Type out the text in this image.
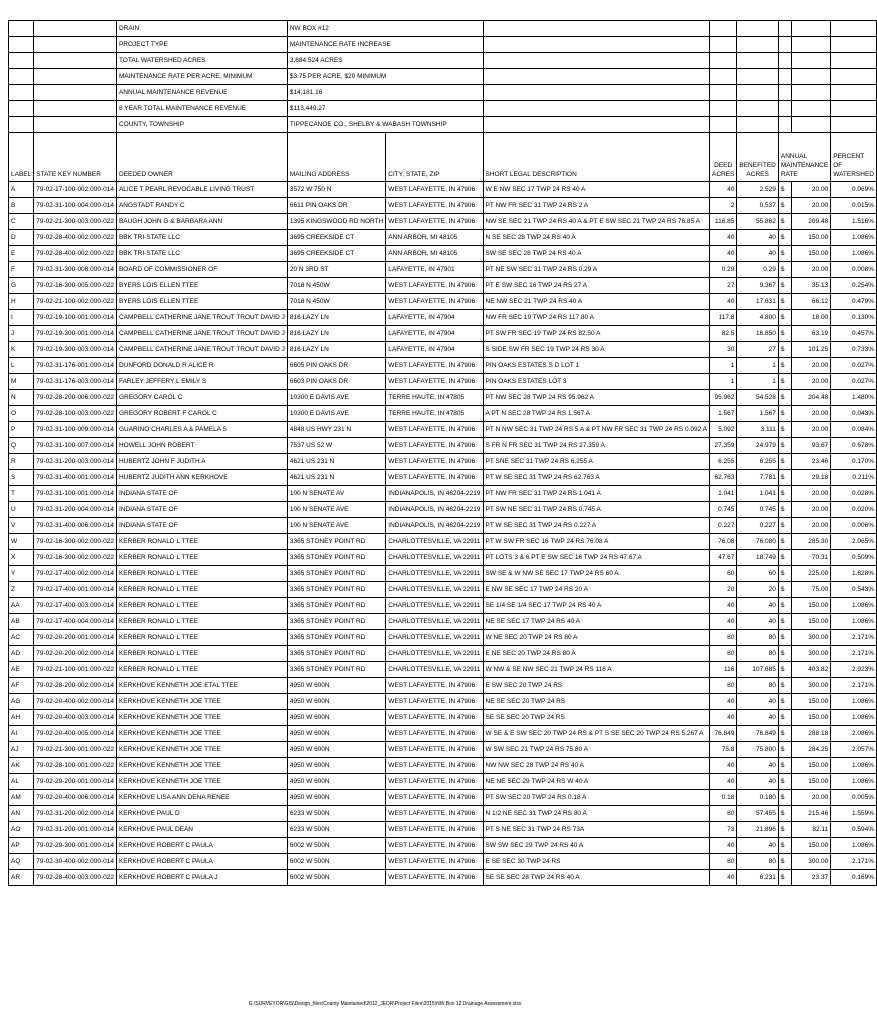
		DRAIN	NW BOX #12							
		PROJECT TYPE	MAINTENANCE RATE INCREASE							
		TOTAL WATERSHED ACRES	3,684.524 ACRES							
		MAINTENANCE RATE PER ACRE, MINIMUM	$3.75 PER ACRE, $20 MINIMUM							
		ANNUAL MAINTENANCE REVENUE	$14,181.16							
		8 YEAR TOTAL MAINTENANCE REVENUE	$113,449.27							
		COUNTY, TOWNSHIP	TIPPECANOE CO., SHELBY & WABASH TOWNSHIP							
LABEL	STATE KEY NUMBER	DEEDED OWNER	MAILING ADDRESS	CITY, STATE, ZIP	SHORT LEGAL DESCRIPTION	DEED ACRES	BENEFITED ACRES	ANNUAL MAINTENANCE RATE		PERCENT OF WATERSHED
A	79-02-17-100-002.000-014	ALICE T PEARL REVOCABLE LIVING TRUST	3572 W 750 N	WEST LAFAYETTE, IN 47906	W E NW SEC 17 TWP 24 RS 40 A	40	2.529	$	20.00	0.069%
B	79-02-31-100-004.000-014	ANGSTADT RANDY C	6611 PIN OAKS DR	WEST LAFAYETTE, IN 47906	PT NW FR SEC 31 TWP 24 RS 2 A	2	0.537	$	20.00	0.015%
C	79-02-21-300-003.000-022	BAUGH JOHN G & BARBARA ANN	1395 KINGSWOOD RD NORTH	WEST LAFAYETTE, IN 47906	NW SE SEC 21 TWP 24 RS 40 A & PT E SW SEC 21 TWP 24 RS 76.85 A	116.85	55.862	$	209.48	1.516%
D	79-02-28-400-002.000-022	BBK TRI-STATE LLC	3695 CREEKSIDE CT	ANN ARBOR, MI 48105	N SE SEC 28 TWP 24 RS 40 A	40	40	$	150.00	1.086%
E	79-02-28-400-002.000-022	BBK TRI-STATE LLC	3695 CREEKSIDE CT	ANN ARBOR, MI 48105	SW SE SEC 28 TWP 24 RS 40 A	40	40	$	150.00	1.086%
F	79-02-31-300-008.000-014	BOARD OF COMMISSIONER OF	20 N 3RD ST	LAFAYETTE, IN 47901	PT NE SW SEC 31 TWP 24 RS 0.29 A	0.29	0.29	$	20.00	0.008%
G	79-02-16-300-005.000-022	BYERS LOIS ELLEN TTEE	7018 N 450W	WEST LAFAYETTE, IN 47906	PT E SW SEC 16 TWP 24 RS 27 A	27	9.367	$	35.13	0.254%
H	79-02-21-100-002.000-022	BYERS LOIS ELLEN TTEE	7018 N 450W	WEST LAFAYETTE, IN 47906	NE NW SEC 21 TWP 24 RS 40 A	40	17.631	$	66.12	0.479%
I	79-02-19-100-001.000-014	CAMPBELL CATHERINE JANE TROUT TROUT DAVID J	816 LAZY LN	LAFAYETTE, IN 47904	NW FR SEC 19 TWP 24 RS 117.80 A	117.8	4.800	$	18.00	0.130%
J	79-02-19-300-001.000-014	CAMPBELL CATHERINE JANE TROUT TROUT DAVID J	816 LAZY LN	LAFAYETTE, IN 47904	PT SW FR SEC 19 TWP 24 RS 82.50 A	82.5	16.850	$	63.19	0.457%
K	79-02-19-300-003.000-014	CAMPBELL CATHERINE JANE TROUT TROUT DAVID J	816 LAZY LN	LAFAYETTE, IN 47904	S SIDE SW FR SEC 19 TWP 24 RS 30 A	30	27	$	101.25	0.733%
L	79-02-31-176-001.000-014	DUNFORD DONALD R ALICE R	6605 PIN OAKS DR	WEST LAFAYETTE, IN 47906	PIN OAKS ESTATES S D LOT 1	1	1	$	20.00	0.027%
M	79-02-31-176-003.000-014	FARLEY JEFFERY L EMILY S	6603 PIN OAKS DR	WEST LAFAYETTE, IN 47906	PIN OAKS ESTATES LOT 3	1	1	$	20.00	0.027%
N	79-02-28-200-006.000-022	GREGORY CAROL C	10300 E DAVIS AVE	TERRE HAUTE, IN 47805	PT NW SEC 28 TWP 24 RS 95.962 A	95.962	54.528	$	204.48	1.480%
O	79-02-28-100-003.000-022	GREGORY ROBERT F CAROL C	10300 E DAVIS AVE	TERRE HAUTE, IN 47805	A PT N SEC 28 TWP 24 RS 1.567 A	1.567	1.567	$	20.00	0.043%
P	79-02-31-100-009.000-014	GUARINO CHARLES A & PAMELA S	4848 US HWY 231 N	WEST LAFAYETTE, IN 47906	PT N NW SEC 31 TWP 24 RS 5 A & PT NW FR SEC 31 TWP 24 RS 0.092 A	5.092	3.111	$	20.00	0.084%
Q	79-02-31-100-007.000-014	HOWELL JOHN ROBERT	7537 US 52 W	WEST LAFAYETTE, IN 47906	S FR N FR SEC 31 TWP 24 RS 27.359 A	27.359	24.979	$	93.67	0.678%
R	79-02-31-200-003.000-014	HUBERTZ JOHN F JUDITH A	4621 US 231 N	WEST LAFAYETTE, IN 47906	PT SNE SEC 31 TWP 24 RS 6.255 A	6.255	6.255	$	23.46	0.170%
S	79-02-31-400-001.000-014	HUBERTZ JUDITH ANN KERKHOVE	4621 US 231 N	WEST LAFAYETTE, IN 47906	PT W SE SEC 31 TWP 24 RS 62.763 A	62.763	7.781	$	29.18	0.211%
T	79-02-31-100-001.000-014	INDIANA STATE OF	100 N SENATE AV	INDIANAPOLIS, IN 46204-2219	PT NW FR SEC 31 TWP 24 RS 1.041 A	1.041	1.041	$	20.00	0.028%
U	79-02-31-200-004.000-014	INDIANA STATE OF	100 N SENATE AVE	INDIANAPOLIS, IN 46204-2219	PT SW NE SEC 31 TWP 24 RS 0.745 A	0.745	0.745	$	20.00	0.020%
V	79-02-31-400-006.000-014	INDIANA STATE OF	100 N SENATE AVE	INDIANAPOLIS, IN 46204-2219	PT W SE SEC 31 TWP 24 RS 0.227 A	0.227	0.227	$	20.00	0.006%
W	79-02-16-300-002.000-022	KERBER RONALD L TTEE	3365 STONEY POINT RD	CHARLOTTESVILLE, VA 22911	PT W SW FR SEC 16 TWP 24 RS 76.08 A	76.08	76.080	$	285.30	2.065%
X	79-02-16-300-002.000-022	KERBER RONALD L TTEE	3365 STONEY POINT RD	CHARLOTTESVILLE, VA 22911	PT LOTS 3 & 6 PT E SW SEC 16 TWP 24 RS 47.67 A	47.67	18.749	$	70.31	0.509%
Y	79-02-17-400-002.000-014	KERBER RONALD L TTEE	3365 STONEY POINT RD	CHARLOTTESVILLE, VA 22911	SW SE & W NW SE SEC 17 TWP 24 RS 60 A	60	60	$	225.00	1.628%
Z	79-02-17-400-001.000-014	KERBER RONALD L TTEE	3365 STONEY POINT RD	CHARLOTTESVILLE, VA 22911	E NW SE SEC 17 TWP 24 RS 20 A	20	20	$	75.00	0.543%
AA	79-02-17-400-003.000-014	KERBER RONALD L TTEE	3365 STONEY POINT RD	CHARLOTTESVILLE, VA 22911	SE 1/4 SE 1/4 SEC 17 TWP 24 RS 40 A	40	40	$	150.00	1.086%
AB	79-02-17-400-004.000-014	KERBER RONALD L TTEE	3365 STONEY POINT RD	CHARLOTTESVILLE, VA 22911	NE SE SEC 17 TWP 24 RS 40 A	40	40	$	150.00	1.086%
AC	79-02-20-200-001.000-014	KERBER RONALD L TTEE	3365 STONEY POINT RD	CHARLOTTESVILLE, VA 22911	W NE SEC 20 TWP 24 RS 80 A	80	80	$	300.00	2.171%
AD	79-02-20-200-002.000-014	KERBER RONALD L TTEE	3365 STONEY POINT RD	CHARLOTTESVILLE, VA 22911	E NE SEC 20 TWP 24 RS 80 A	80	80	$	300.00	2.171%
AE	79-02-21-100-001.000-022	KERBER RONALD L TTEE	3365 STONEY POINT RD	CHARLOTTESVILLE, VA 22911	W NW & SE NW SEC 21 TWP 24 RS 116 A	116	107.685	$	403.82	2.923%
AF	79-02-28-200-002.000-014	KERKHOVE KENNETH JOE ETAL TTEE	4950 W 600N	WEST LAFAYETTE, IN 47906	E SW SEC 20 TWP 24 RS	80	80	$	300.00	2.171%
AG	79-02-20-400-002.000-014	KERKHOVE KENNETH JOE TTEE	4950 W 600N	WEST LAFAYETTE, IN 47906	NE SE SEC 20 TWP 24 RS	40	40	$	150.00	1.086%
AH	79-02-20-400-003.000-014	KERKHOVE KENNETH JOE TTEE	4950 W 600N	WEST LAFAYETTE, IN 47906	SE SE SEC 20 TWP 24 RS	40	40	$	150.00	1.086%
AI	79-02-20-400-005.000-014	KERKHOVE KENNETH JOE TTEE	4950 W 600N	WEST LAFAYETTE, IN 47906	W SE & E SW SEC 20 TWP 24 RS & PT S SE SEC 20 TWP 24 RS 5.267 A	76.849	76.849	$	288.18	2.086%
AJ	79-02-21-300-001.000-022	KERKHOVE KENNETH JOE TTEE	4950 W 600N	WEST LAFAYETTE, IN 47906	W SW SEC 21 TWP 24 RS 75.80 A	75.8	75.800	$	284.25	2.057%
AK	79-02-28-100-001.000-022	KERKHOVE KENNETH JOE TTEE	4950 W 600N	WEST LAFAYETTE, IN 47906	NW NW SEC 28 TWP 24 RS 40 A	40	40	$	150.00	1.086%
AL	79-02-29-200-001.000-014	KERKHOVE KENNETH JOE TTEE	4950 W 600N	WEST LAFAYETTE, IN 47906	NE NE SEC 29 TWP 24 RS W 40 A	40	40	$	150.00	1.086%
AM	79-02-20-400-006.000-014	KERKHOVE LISA ANN DENA RENEE	4950 W 600N	WEST LAFAYETTE, IN 47906	PT SW SEC 20 TWP 24 RS 0.18 A	0.18	0.180	$	20.00	0.005%
AN	79-02-31-200-002.000-014	KERKHOVE PAUL D	6233 W 500N	WEST LAFAYETTE, IN 47906	N 1/2 NE SEC 31 TWP 24 RS 80 A	80	57.455	$	215.46	1.559%
AO	79-02-31-200-001.000-014	KERKHOVE PAUL DEAN	6233 W 500N	WEST LAFAYETTE, IN 47906	PT S NE SEC 31 TWP 24 RS 73A	73	21.896	$	82.11	0.594%
AP	79-02-29-300-001.000-014	KERKHOVE ROBERT C PAULA	6002 W 500N	WEST LAFAYETTE, IN 47906	SW SW SEC 29 TWP 24 RS 40 A	40	40	$	150.00	1.086%
AQ	79-02-30-400-002.000-014	KERKHOVE ROBERT C PAULA	6002 W 500N	WEST LAFAYETTE, IN 47906	E SE SEC 30 TWP 24 RS	80	80	$	300.00	2.171%
AR	79-02-28-400-003.000-022	KERKHOVE ROBERT C PAULA J	6002 W 500N	WEST LAFAYETTE, IN 47906	SE SE SEC 28 TWP 24 RS 40 A	40	6.231	$	23.37	0.169%
G:\SURVEYOR\GIS\Design_files\County Maintained\2012_JEDR\Project Files\2015\NW Box 12 Drainage Assessment.xlsx
